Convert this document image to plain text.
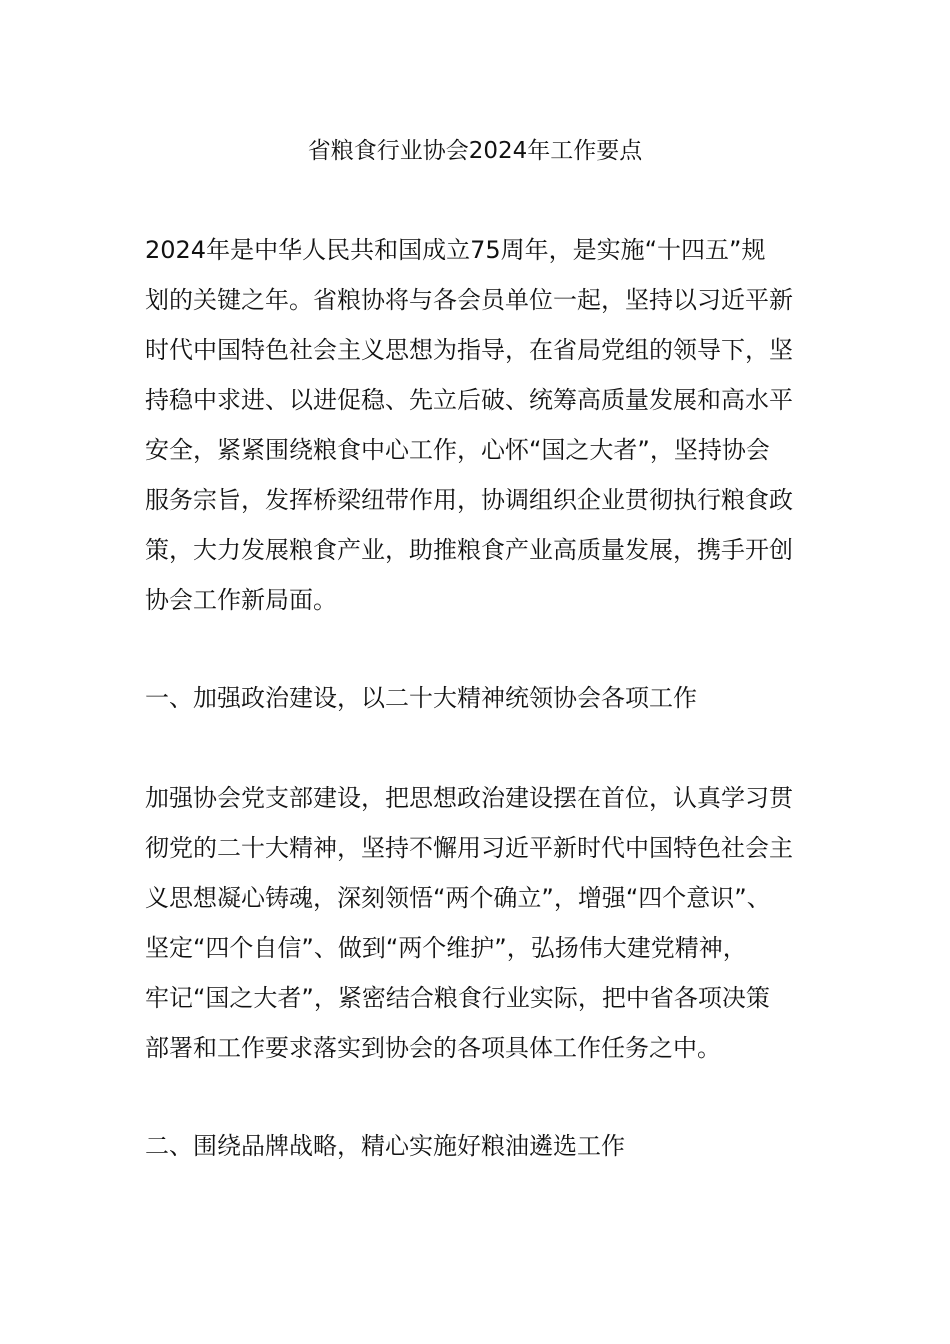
省粮食行业协会2024年工作要点

2024年是中华人民共和国成立75周年，是实施“十四五”规
划的关键之年。省粮协将与各会员单位一起，坚持以习近平新
时代中国特色社会主义思想为指导，在省局党组的领导下，坚
持稳中求进、以进促稳、先立后破、统筹高质量发展和高水平
安全，紧紧围绕粮食中心工作，心怀“国之大者”，坚持协会
服务宗旨，发挥桥梁纽带作用，协调组织企业贯彻执行粮食政
策，大力发展粮食产业，助推粮食产业高质量发展，携手开创
协会工作新局面。

一、加强政治建设，以二十大精神统领协会各项工作

加强协会党支部建设，把思想政治建设摆在首位，认真学习贯
彻党的二十大精神，坚持不懈用习近平新时代中国特色社会主
义思想凝心铸魂，深刻领悟“两个确立”，增强“四个意识”、
坚定“四个自信”、做到“两个维护”，弘扬伟大建党精神，
牢记“国之大者”，紧密结合粮食行业实际，把中省各项决策
部署和工作要求落实到协会的各项具体工作任务之中。

二、围绕品牌战略，精心实施好粮油遴选工作
